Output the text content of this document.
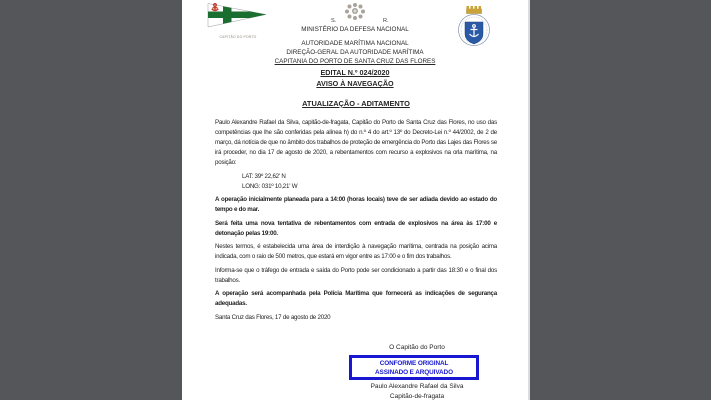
CAPITÃO DO PORTO
S.	R.
MINISTÉRIO DA DEFESA NACIONAL
AUTORIDADE MARÍTIMA NACIONAL
DIREÇÃO-GERAL DA AUTORIDADE MARÍTIMA
CAPITANIA DO PORTO DE SANTA CRUZ DAS FLORES
EDITAL N.º 024/2020
AVISO À NAVEGAÇÃO
ATUALIZAÇÃO - ADITAMENTO

Paulo Alexandre Rafael da Silva, capitão-de-fragata, Capitão do Porto de Santa Cruz das Flores, no uso das competências que lhe são conferidas pela alínea h) do n.º 4 do art.º 13º do Decreto-Lei n.º 44/2002, de 2 de março, dá notícia de que no âmbito dos trabalhos de proteção de emergência do Porto das Lajes das Flores se irá proceder, no dia 17 de agosto de 2020, a rebentamentos com recurso a explosivos na orla marítima, na posição:

LAT: 39º 22,62' N
LONG: 031º 10,21' W

A operação inicialmente planeada para a 14:00 (horas locais) teve de ser adiada devido ao estado do tempo e do mar.

Será feita uma nova tentativa de rebentamentos com entrada de explosivos na área às 17:00 e detonação pelas 19:00.

Nestes termos, é estabelecida uma área de interdição à navegação marítima, centrada na posição acima indicada, com o raio de 500 metros, que estará em vigor entre as 17:00 e o fim dos trabalhos.

Informa-se que o tráfego de entrada e saída do Porto pode ser condicionado a partir das 18:30 e o final dos trabalhos.

A operação será acompanhada pela Polícia Marítima que fornecerá as indicações de segurança adequadas.

Santa Cruz das Flores, 17 de agosto de 2020

O Capitão do Porto
CONFORME ORIGINAL
ASSINADO E ARQUIVADO
Paulo Alexandre Rafael da Silva
Capitão-de-fragata
